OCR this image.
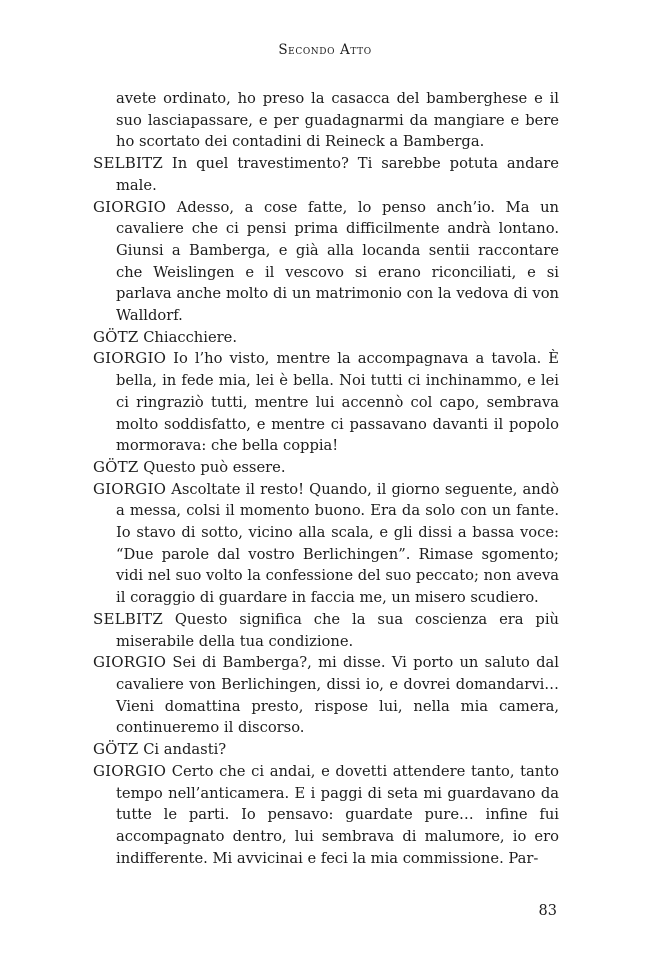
Secondo Atto

avete ordinato, ho preso la casacca del bamberghese e il suo lasciapassare, e per guadagnarmi da mangiare e bere ho scortato dei contadini di Reineck a Bamberga.

SELBITZ In quel travestimento? Ti sarebbe potuta andare male.

GIORGIO Adesso, a cose fatte, lo penso anch’io. Ma un cavaliere che ci pensi prima difficilmente andrà lontano. Giunsi a Bamberga, e già alla locanda sentii raccontare che Weislingen e il vescovo si erano riconciliati, e si parlava anche molto di un matrimonio con la vedova di von Walldorf.

GÖTZ Chiacchiere.

GIORGIO Io l’ho visto, mentre la accompagnava a tavola. È bella, in fede mia, lei è bella. Noi tutti ci inchinammo, e lei ci ringraziò tutti, mentre lui accennò col capo, sembrava molto soddisfatto, e mentre ci passavano davanti il popolo mormorava: che bella coppia!

GÖTZ Questo può essere.

GIORGIO Ascoltate il resto! Quando, il giorno seguente, andò a messa, colsi il momento buono. Era da solo con un fante. Io stavo di sotto, vicino alla scala, e gli dissi a bassa voce: “Due parole dal vostro Berlichingen”. Rimase sgomento; vidi nel suo volto la confessione del suo peccato; non aveva il coraggio di guardare in faccia me, un misero scudiero.

SELBITZ Questo significa che la sua coscienza era più miserabile della tua condizione.

GIORGIO Sei di Bamberga?, mi disse. Vi porto un saluto dal cavaliere von Berlichingen, dissi io, e dovrei domandarvi… Vieni domattina presto, rispose lui, nella mia camera, continueremo il discorso.

GÖTZ Ci andasti?

GIORGIO Certo che ci andai, e dovetti attendere tanto, tanto tempo nell’anticamera. E i paggi di seta mi guardavano da tutte le parti. Io pensavo: guardate pure… infine fui accompagnato dentro, lui sembrava di malumore, io ero indifferente. Mi avvicinai e feci la mia commissione. Par-

83
